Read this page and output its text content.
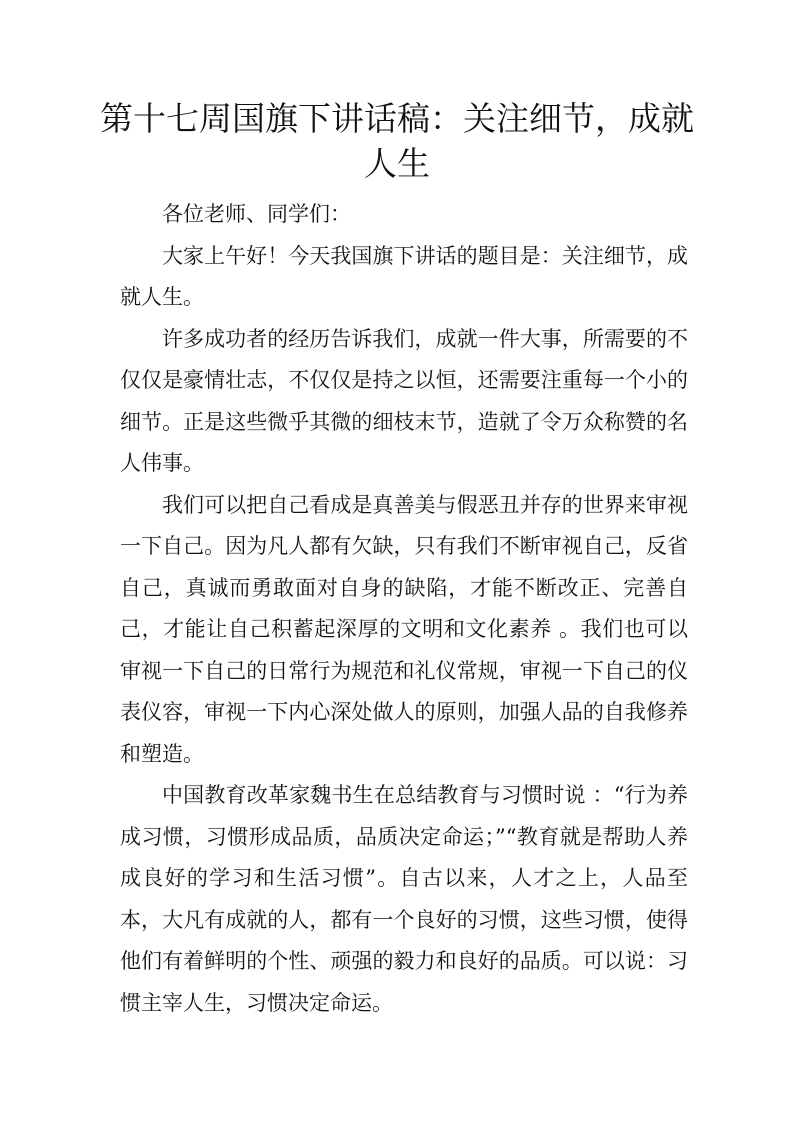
第十七周国旗下讲话稿：关注细节，成就人生

各位老师、同学们：

大家上午好！今天我国旗下讲话的题目是：关注细节，成就人生。

许多成功者的经历告诉我们，成就一件大事，所需要的不仅仅是豪情壮志，不仅仅是持之以恒，还需要注重每一个小的细节。正是这些微乎其微的细枝末节，造就了令万众称赞的名人伟事。

我们可以把自己看成是真善美与假恶丑并存的世界来审视一下自己。因为凡人都有欠缺，只有我们不断审视自己，反省自己，真诚而勇敢面对自身的缺陷，才能不断改正、完善自己，才能让自己积蓄起深厚的文明和文化素养 。我们也可以审视一下自己的日常行为规范和礼仪常规，审视一下自己的仪表仪容，审视一下内心深处做人的原则，加强人品的自我修养和塑造。

中国教育改革家魏书生在总结教育与习惯时说 ：“行为养成习惯，习惯形成品质，品质决定命运；”“教育就是帮助人养成良好的学习和生活习惯”。自古以来，人才之上，人品至本，大凡有成就的人，都有一个良好的习惯，这些习惯，使得他们有着鲜明的个性、顽强的毅力和良好的品质。可以说：习惯主宰人生，习惯决定命运。
